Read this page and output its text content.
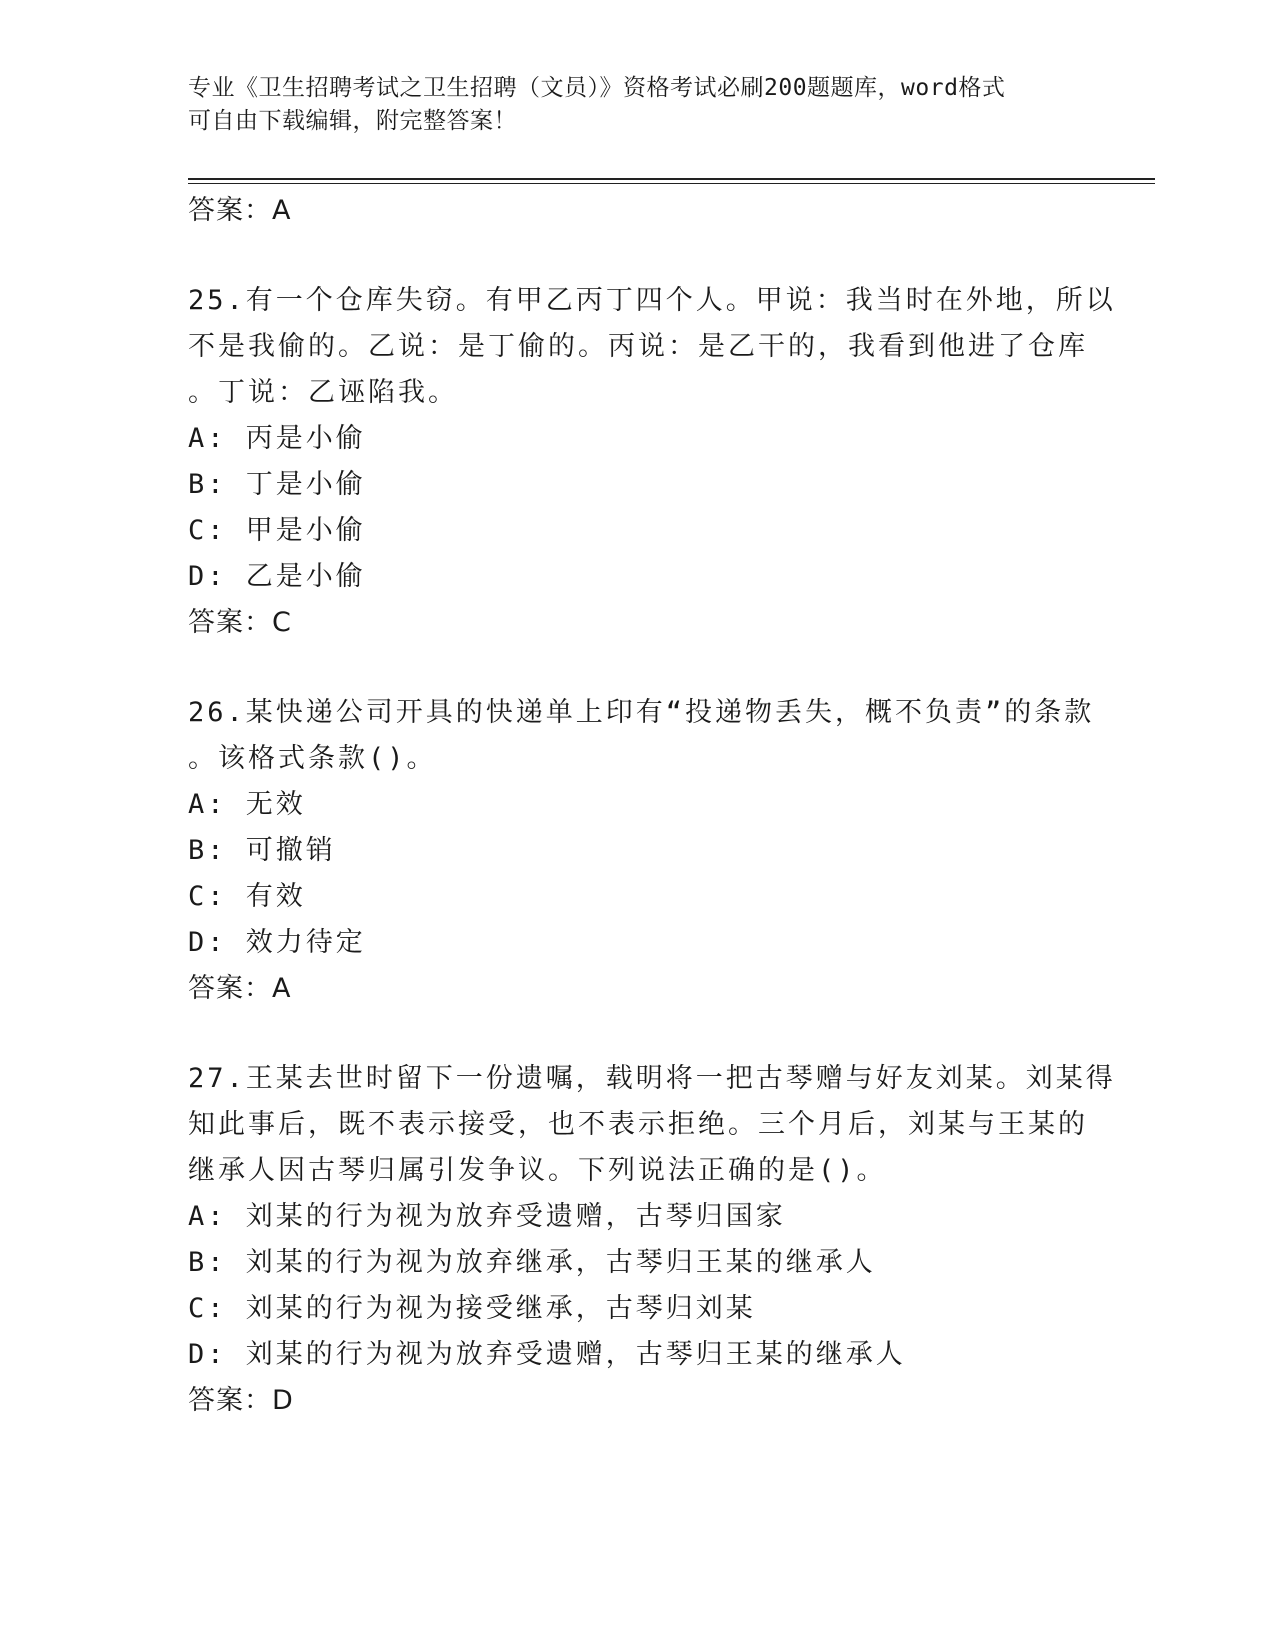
专业《卫生招聘考试之卫生招聘（文员）》资格考试必刷200题题库，word格式
可自由下载编辑，附完整答案！
答案：A
25.有一个仓库失窃。有甲乙丙丁四个人。甲说：我当时在外地，所以
不是我偷的。乙说：是丁偷的。丙说：是乙干的，我看到他进了仓库
。丁说：乙诬陷我。
A: 丙是小偷
B: 丁是小偷
C: 甲是小偷
D: 乙是小偷
答案：C
26.某快递公司开具的快递单上印有“投递物丢失，概不负责”的条款
。该格式条款()。
A: 无效
B: 可撤销
C: 有效
D: 效力待定
答案：A
27.王某去世时留下一份遗嘱，载明将一把古琴赠与好友刘某。刘某得
知此事后，既不表示接受，也不表示拒绝。三个月后，刘某与王某的
继承人因古琴归属引发争议。下列说法正确的是()。
A: 刘某的行为视为放弃受遗赠，古琴归国家
B: 刘某的行为视为放弃继承，古琴归王某的继承人
C: 刘某的行为视为接受继承，古琴归刘某
D: 刘某的行为视为放弃受遗赠，古琴归王某的继承人
答案：D
